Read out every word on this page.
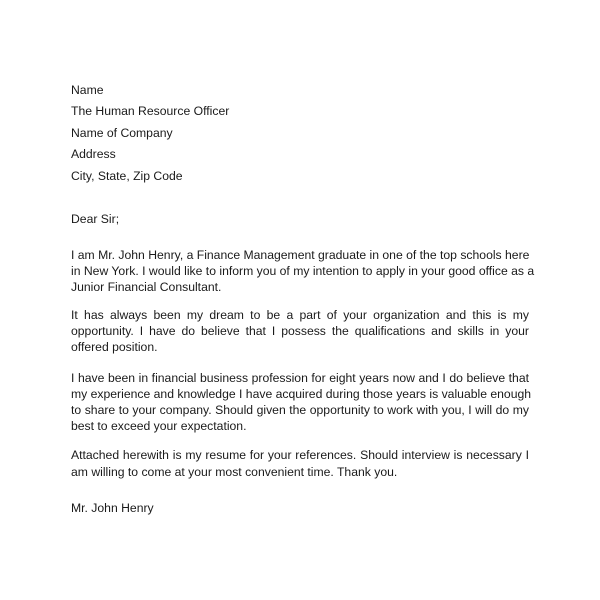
Name
The Human Resource Officer
Name of Company
Address
City, State, Zip Code
Dear Sir;
I am Mr. John Henry, a Finance Management graduate in one of the top schools here
in New York. I would like to inform you of my intention to apply in your good office as a
Junior Financial Consultant.
It has always been my dream to be a part of your organization and this is my
opportunity. I have do believe that I possess the qualifications and skills in your
offered position.
I have been in financial business profession for eight years now and I do believe that
my experience and knowledge I have acquired during those years is valuable enough
to share to your company. Should given the opportunity to work with you, I will do my
best to exceed your expectation.
Attached herewith is my resume for your references. Should interview is necessary I
am willing to come at your most convenient time. Thank you.
Mr. John Henry
